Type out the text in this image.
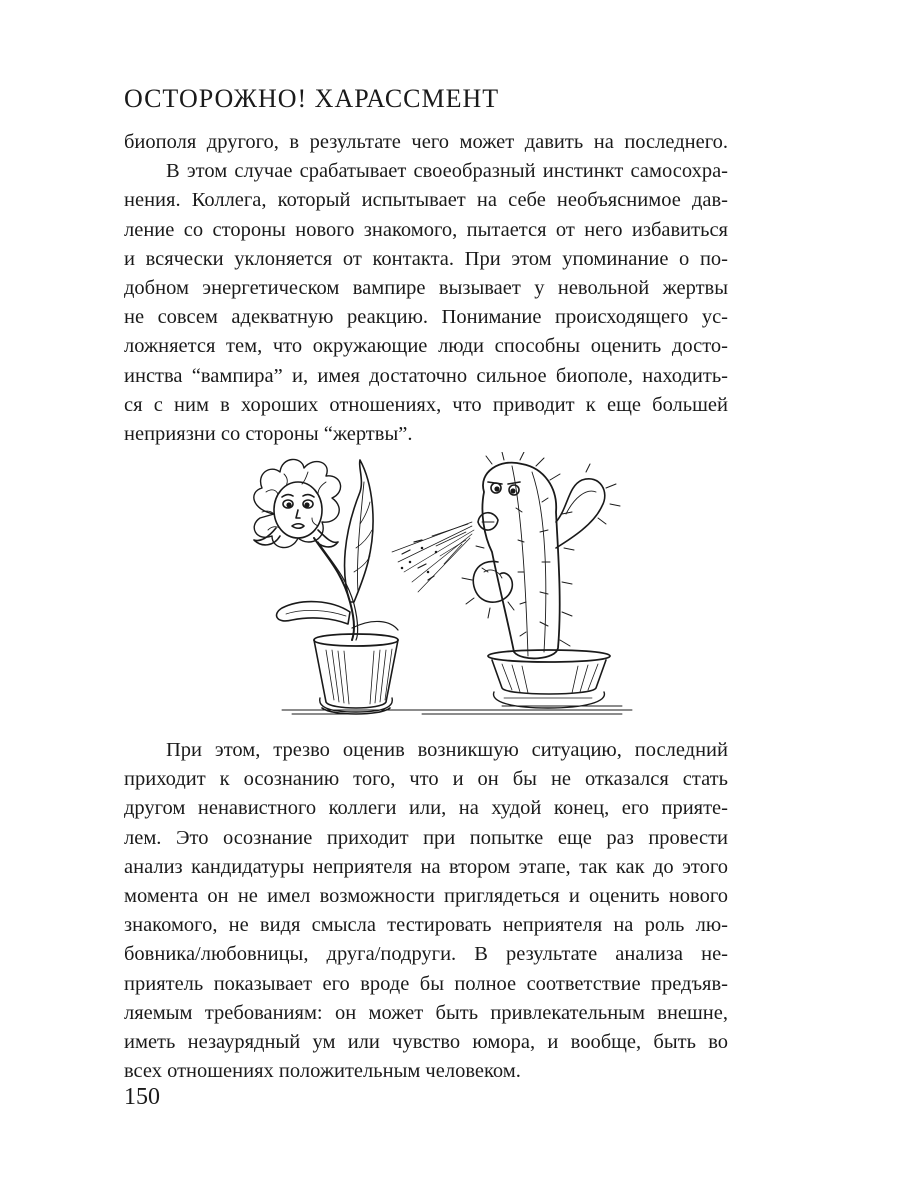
ОСТОРОЖНО! ХАРАССМЕНТ
биополя другого, в результате чего может давить на последнего.
В этом случае срабатывает своеобразный инстинкт самосохра-
нения. Коллега, который испытывает на себе необъяснимое дав-
ление со стороны нового знакомого, пытается от него избавиться
и всячески уклоняется от контакта. При этом упоминание о по-
добном энергетическом вампире вызывает у невольной жертвы
не совсем адекватную реакцию. Понимание происходящего ус-
ложняется тем, что окружающие люди способны оценить досто-
инства “вампира” и, имея достаточно сильное биополе, находить-
ся с ним в хороших отношениях, что приводит к еще большей
неприязни со стороны “жертвы”.
При этом, трезво оценив возникшую ситуацию, последний
приходит к осознанию того, что и он бы не отказался стать
другом ненавистного коллеги или, на худой конец, его приятe-
лем. Это осознание приходит при попытке еще раз провести
анализ кандидатуры неприятеля на втором этапе, так как до этого
момента он не имел возможности приглядеться и оценить нового
знакомого, не видя смысла тестировать неприятеля на роль лю-
бовника/любовницы, друга/подруги. В результате анализа не-
приятель показывает его вроде бы полное соответствие предъяв-
ляемым требованиям: он может быть привлекательным внешне,
иметь незаурядный ум или чувство юмора, и вообще, быть во
всех отношениях положительным человеком.
150
